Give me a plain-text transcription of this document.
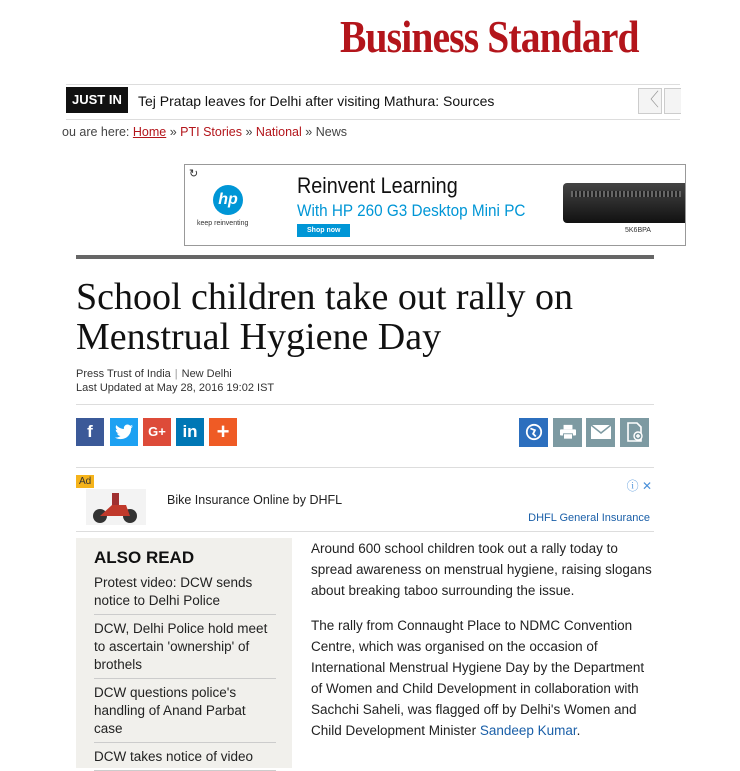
Business Standard
JUST IN	Tej Pratap leaves for Delhi after visiting Mathura: Sources	〈
ou are here: Home » PTI Stories » National » News
↻
hp
keep reinventing
Reinvent Learning
With HP 260 G3 Desktop Mini PC
Shop now	5K6BPA
School children take out rally on Menstrual Hygiene Day
Press Trust of India | New Delhi
Last Updated at May 28, 2016 19:02 IST
f	G+ in +
Ad
Bike Insurance Online by DHFL
DHFL General Insurance
ⓘ ✕
ALSO READ
Protest video: DCW sends notice to Delhi Police
DCW, Delhi Police hold meet to ascertain 'ownership' of brothels
DCW questions police's handling of Anand Parbat case
DCW takes notice of video

Around 600 school children took out a rally today to spread awareness on menstrual hygiene, raising slogans about breaking taboo surrounding the issue.

The rally from Connaught Place to NDMC Convention Centre, which was organised on the occasion of International Menstrual Hygiene Day by the Department of Women and Child Development in collaboration with Sachchi Saheli, was flagged off by Delhi's Women and Child Development Minister Sandeep Kumar.
